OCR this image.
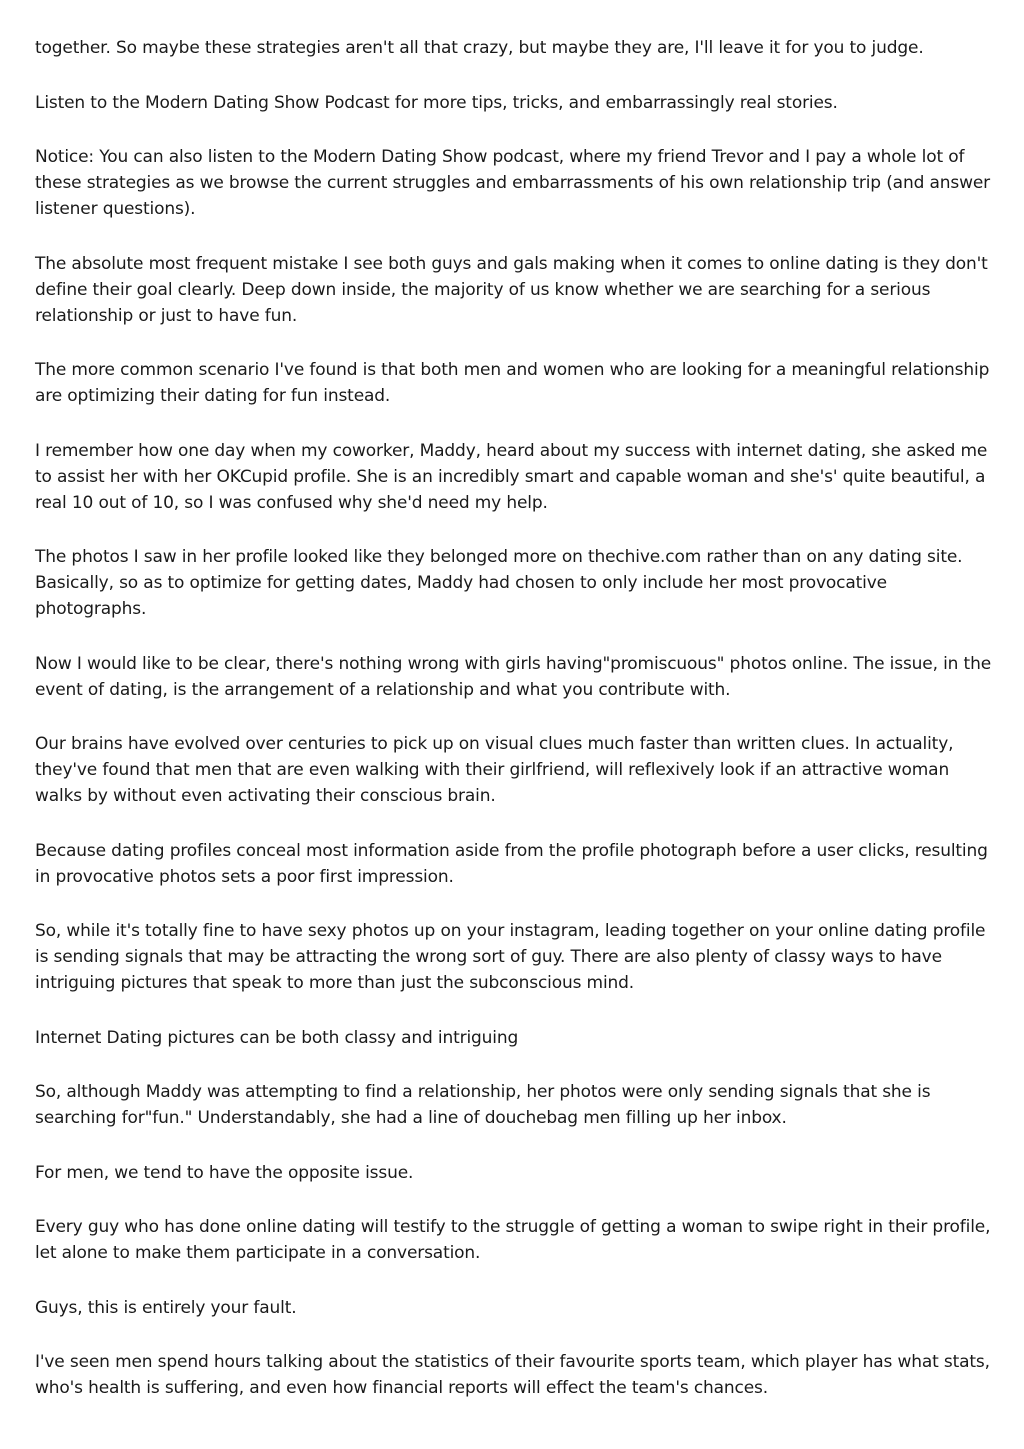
together. So maybe these strategies aren't all that crazy, but maybe they are, I'll leave it for you to judge.

Listen to the Modern Dating Show Podcast for more tips, tricks, and embarrassingly real stories.

Notice: You can also listen to the Modern Dating Show podcast, where my friend Trevor and I pay a whole lot of these strategies as we browse the current struggles and embarrassments of his own relationship trip (and answer listener questions).

The absolute most frequent mistake I see both guys and gals making when it comes to online dating is they don't define their goal clearly. Deep down inside, the majority of us know whether we are searching for a serious relationship or just to have fun.

The more common scenario I've found is that both men and women who are looking for a meaningful relationship are optimizing their dating for fun instead.

I remember how one day when my coworker, Maddy, heard about my success with internet dating, she asked me to assist her with her OKCupid profile. She is an incredibly smart and capable woman and she's' quite beautiful, a real 10 out of 10, so I was confused why she'd need my help.

The photos I saw in her profile looked like they belonged more on thechive.com rather than on any dating site. Basically, so as to optimize for getting dates, Maddy had chosen to only include her most provocative photographs.

Now I would like to be clear, there's nothing wrong with girls having"promiscuous" photos online. The issue, in the event of dating, is the arrangement of a relationship and what you contribute with.

Our brains have evolved over centuries to pick up on visual clues much faster than written clues. In actuality, they've found that men that are even walking with their girlfriend, will reflexively look if an attractive woman walks by without even activating their conscious brain.

Because dating profiles conceal most information aside from the profile photograph before a user clicks, resulting in provocative photos sets a poor first impression.

So, while it's totally fine to have sexy photos up on your instagram, leading together on your online dating profile is sending signals that may be attracting the wrong sort of guy. There are also plenty of classy ways to have intriguing pictures that speak to more than just the subconscious mind.

Internet Dating pictures can be both classy and intriguing

So, although Maddy was attempting to find a relationship, her photos were only sending signals that she is searching for"fun." Understandably, she had a line of douchebag men filling up her inbox.

For men, we tend to have the opposite issue.

Every guy who has done online dating will testify to the struggle of getting a woman to swipe right in their profile, let alone to make them participate in a conversation.

Guys, this is entirely your fault.

I've seen men spend hours talking about the statistics of their favourite sports team, which player has what stats, who's health is suffering, and even how financial reports will effect the team's chances.
